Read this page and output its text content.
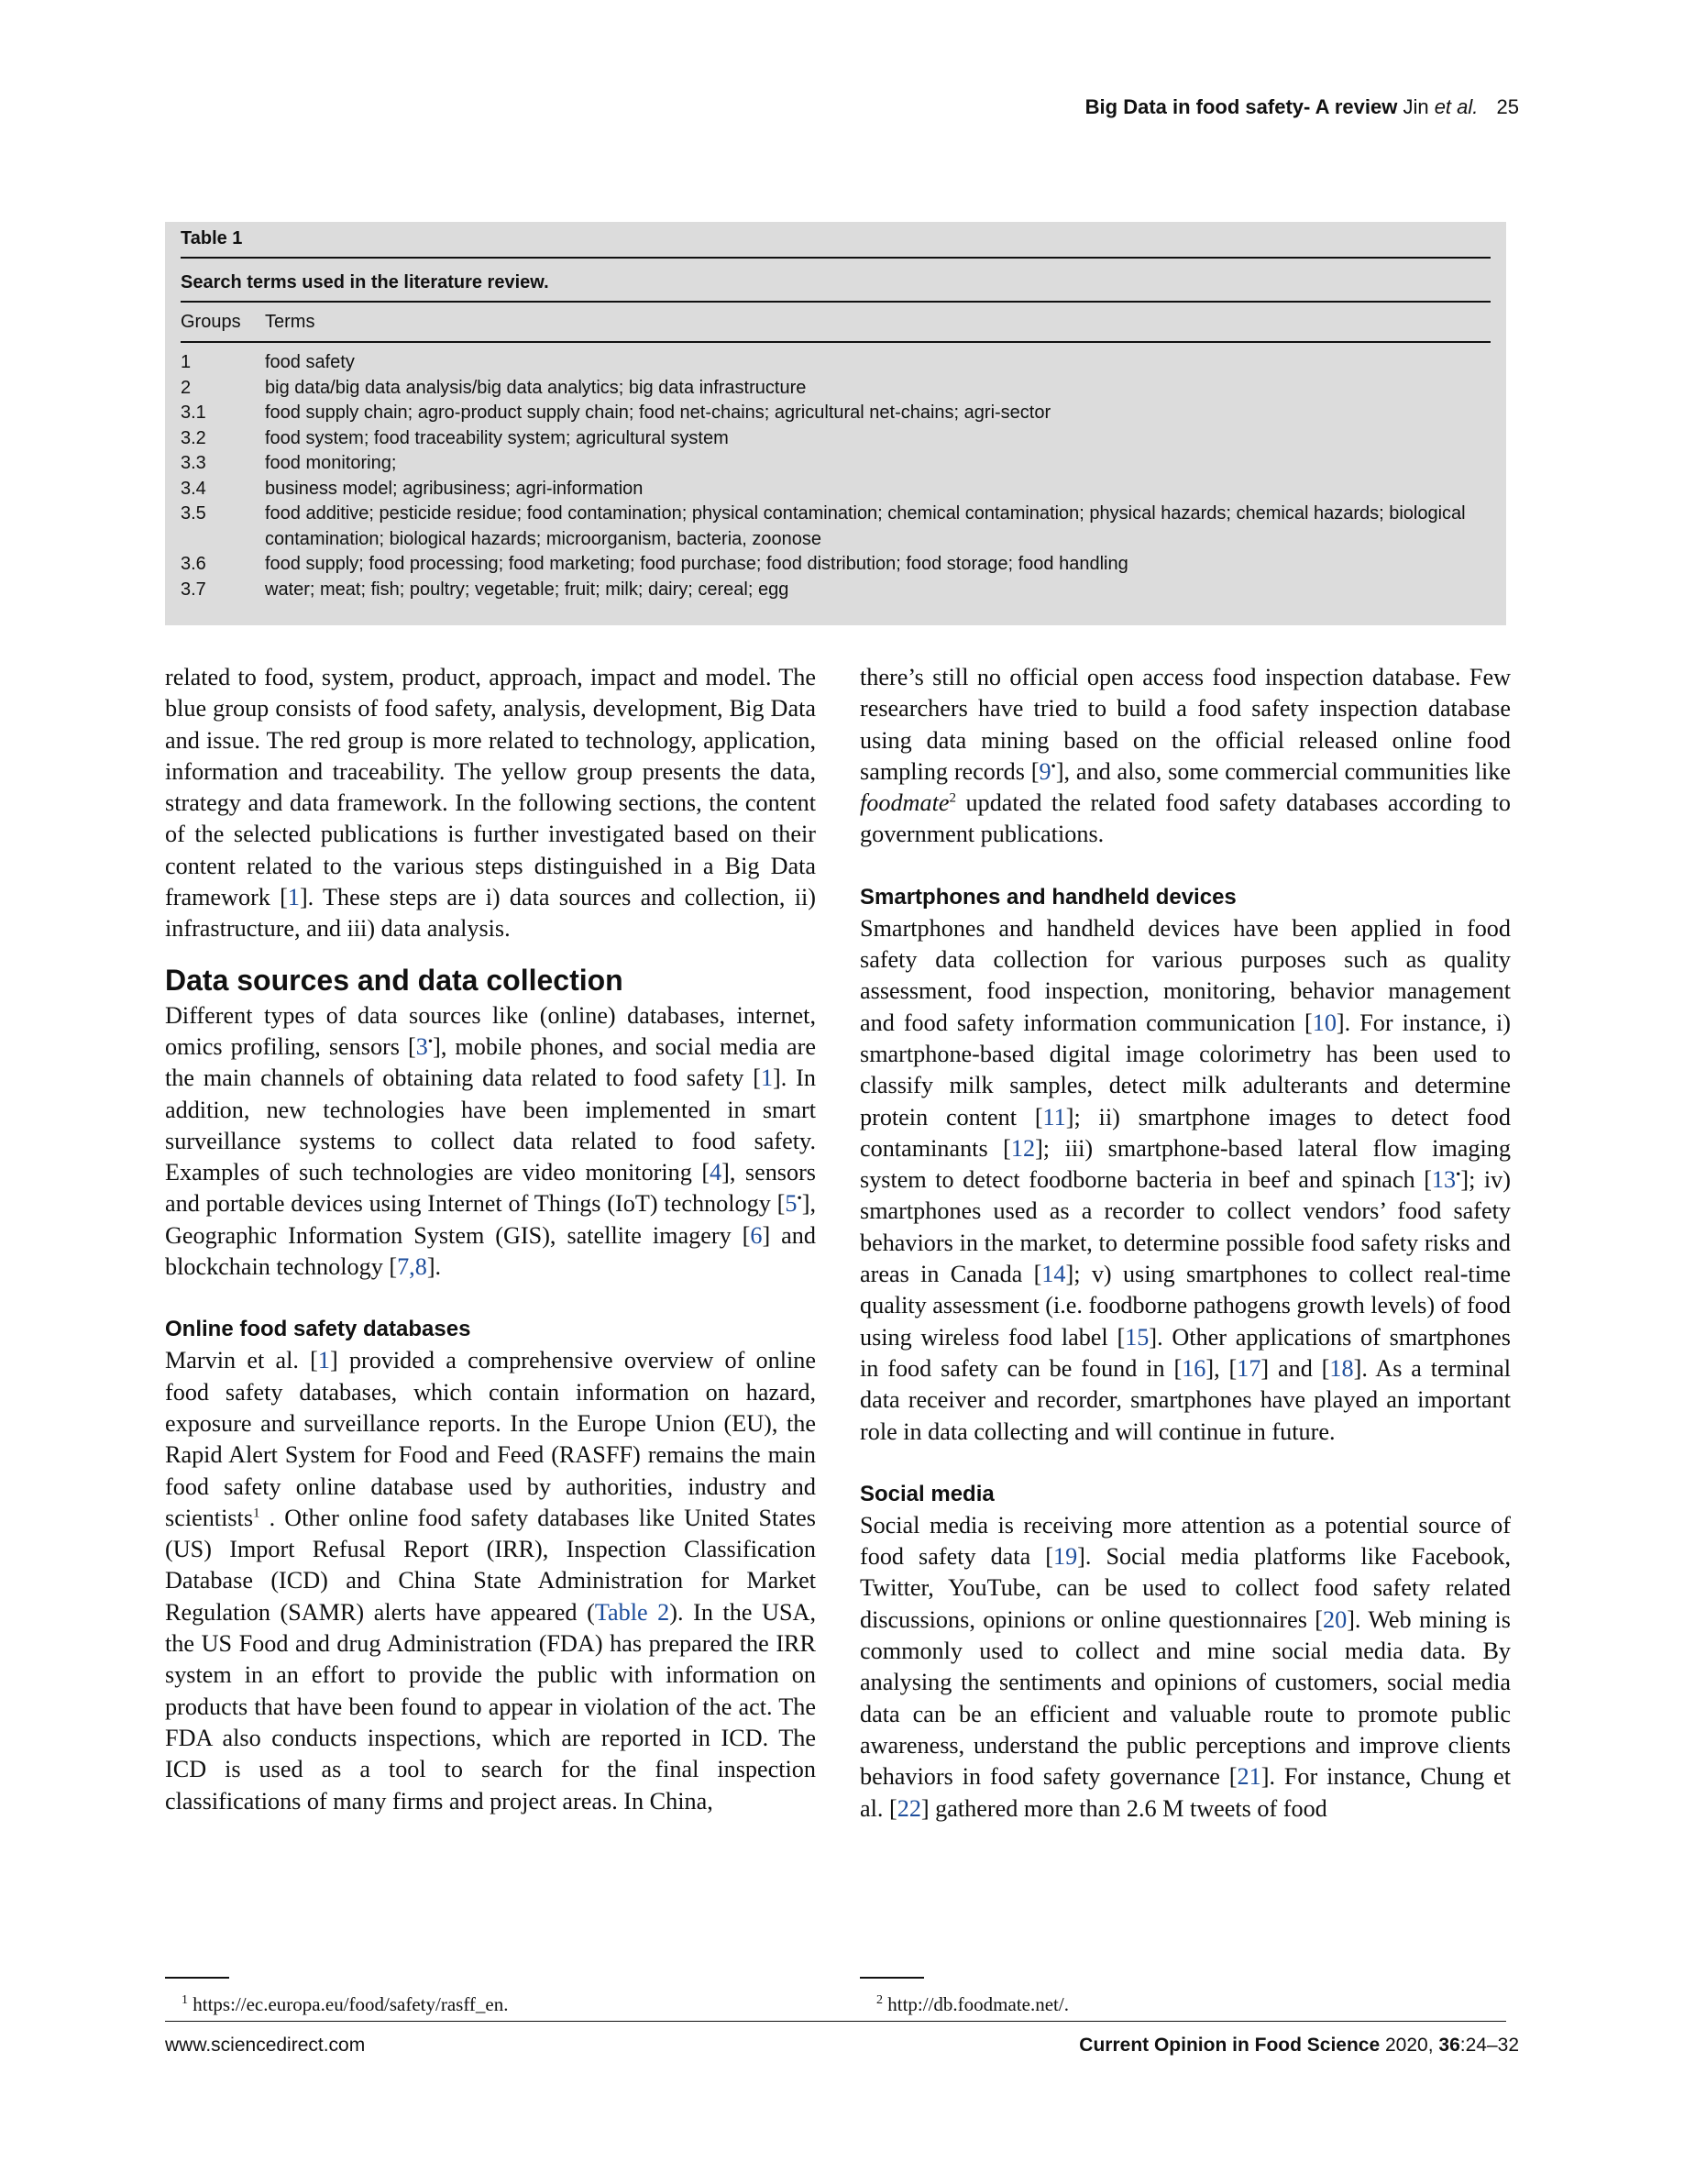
Big Data in food safety- A review Jin et al. 25
Table 1
Search terms used in the literature review.
Groups	Terms
1	food safety
2	big data/big data analysis/big data analytics; big data infrastructure
3.1	food supply chain; agro-product supply chain; food net-chains; agricultural net-chains; agri-sector
3.2	food system; food traceability system; agricultural system
3.3	food monitoring;
3.4	business model; agribusiness; agri-information
3.5	food additive; pesticide residue; food contamination; physical contamination; chemical contamination; physical hazards; chemical hazards; biological contamination; biological hazards; microorganism, bacteria, zoonose
3.6	food supply; food processing; food marketing; food purchase; food distribution; food storage; food handling
3.7	water; meat; fish; poultry; vegetable; fruit; milk; dairy; cereal; egg

related to food, system, product, approach, impact and model. The blue group consists of food safety, analysis, development, Big Data and issue. The red group is more related to technology, application, information and traceability. The yellow group presents the data, strategy and data framework. In the following sections, the content of the selected publications is further investigated based on their content related to the various steps distinguished in a Big Data framework [1]. These steps are i) data sources and collection, ii) infrastructure, and iii) data analysis.

Data sources and data collection

Different types of data sources like (online) databases, internet, omics profiling, sensors [3•], mobile phones, and social media are the main channels of obtaining data related to food safety [1]. In addition, new technologies have been implemented in smart surveillance systems to collect data related to food safety. Examples of such technologies are video monitoring [4], sensors and portable devices using Internet of Things (IoT) technology [5•], Geographic Information System (GIS), satellite imagery [6] and blockchain technology [7,8].

Online food safety databases

Marvin et al. [1] provided a comprehensive overview of online food safety databases, which contain information on hazard, exposure and surveillance reports. In the Europe Union (EU), the Rapid Alert System for Food and Feed (RASFF) remains the main food safety online database used by authorities, industry and scientists$^1$ . Other online food safety databases like United States (US) Import Refusal Report (IRR), Inspection Classification Database (ICD) and China State Administration for Market Regulation (SAMR) alerts have appeared (Table 2). In the USA, the US Food and drug Administration (FDA) has prepared the IRR system in an effort to provide the public with information on products that have been found to appear in violation of the act. The FDA also conducts inspections, which are reported in ICD. The ICD is used as a tool to search for the final inspection classifications of many firms and project areas. In China,

there’s still no official open access food inspection database. Few researchers have tried to build a food safety inspection database using data mining based on the official released online food sampling records [9•], and also, some commercial communities like foodmate$^2$ updated the related food safety databases according to government publications.

Smartphones and handheld devices

Smartphones and handheld devices have been applied in food safety data collection for various purposes such as quality assessment, food inspection, monitoring, behavior management and food safety information communication [10]. For instance, i) smartphone-based digital image colorimetry has been used to classify milk samples, detect milk adulterants and determine protein content [11]; ii) smartphone images to detect food contaminants [12]; iii) smartphone-based lateral flow imaging system to detect foodborne bacteria in beef and spinach [13•]; iv) smartphones used as a recorder to collect vendors’ food safety behaviors in the market, to determine possible food safety risks and areas in Canada [14]; v) using smartphones to collect real-time quality assessment (i.e. foodborne pathogens growth levels) of food using wireless food label [15]. Other applications of smartphones in food safety can be found in [16], [17] and [18]. As a terminal data receiver and recorder, smartphones have played an important role in data collecting and will continue in future.

Social media

Social media is receiving more attention as a potential source of food safety data [19]. Social media platforms like Facebook, Twitter, YouTube, can be used to collect food safety related discussions, opinions or online questionnaires [20]. Web mining is commonly used to collect and mine social media data. By analysing the sentiments and opinions of customers, social media data can be an efficient and valuable route to promote public awareness, understand the public perceptions and improve clients behaviors in food safety governance [21]. For instance, Chung et al. [22] gathered more than 2.6 M tweets of food

$^1$ https://ec.europa.eu/food/safety/rasff_en.	$^2$ http://db.foodmate.net/.
www.sciencedirect.com	Current Opinion in Food Science 2020, 36:24–32
